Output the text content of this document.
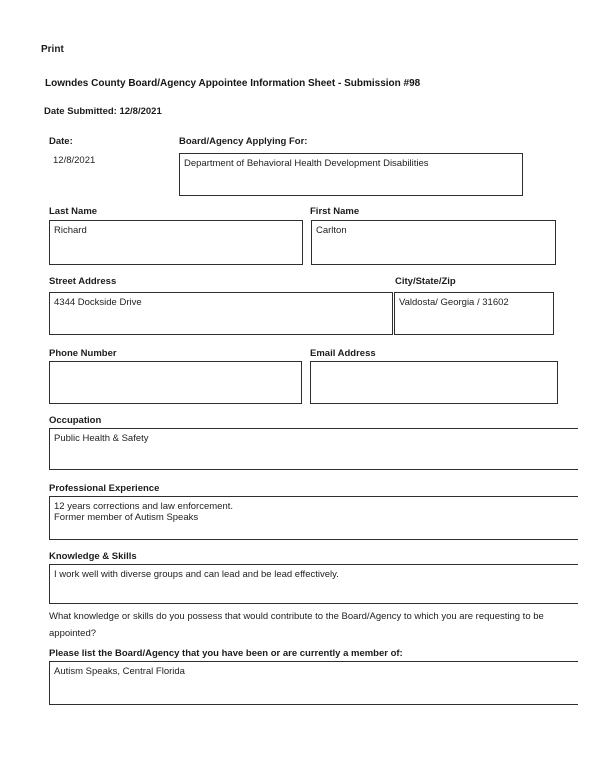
Print
Lowndes County Board/Agency Appointee Information Sheet - Submission #98
Date Submitted: 12/8/2021
Date:
12/8/2021
Board/Agency Applying For:
Department of Behavioral Health Development Disabilities
Last Name	First Name
Richard	Carlton
Street Address	City/State/Zip
4344 Dockside Drive	Valdosta/ Georgia / 31602
Phone Number	Email Address
Occupation
Public Health & Safety
Professional Experience
12 years corrections and law enforcement.
Former member of Autism Speaks
Knowledge & Skills
I work well with diverse groups and can lead and be lead effectively.
What knowledge or skills do you possess that would contribute to the Board/Agency to which you are requesting to be
appointed?
Please list the Board/Agency that you have been or are currently a member of:
Autism Speaks, Central Florida
